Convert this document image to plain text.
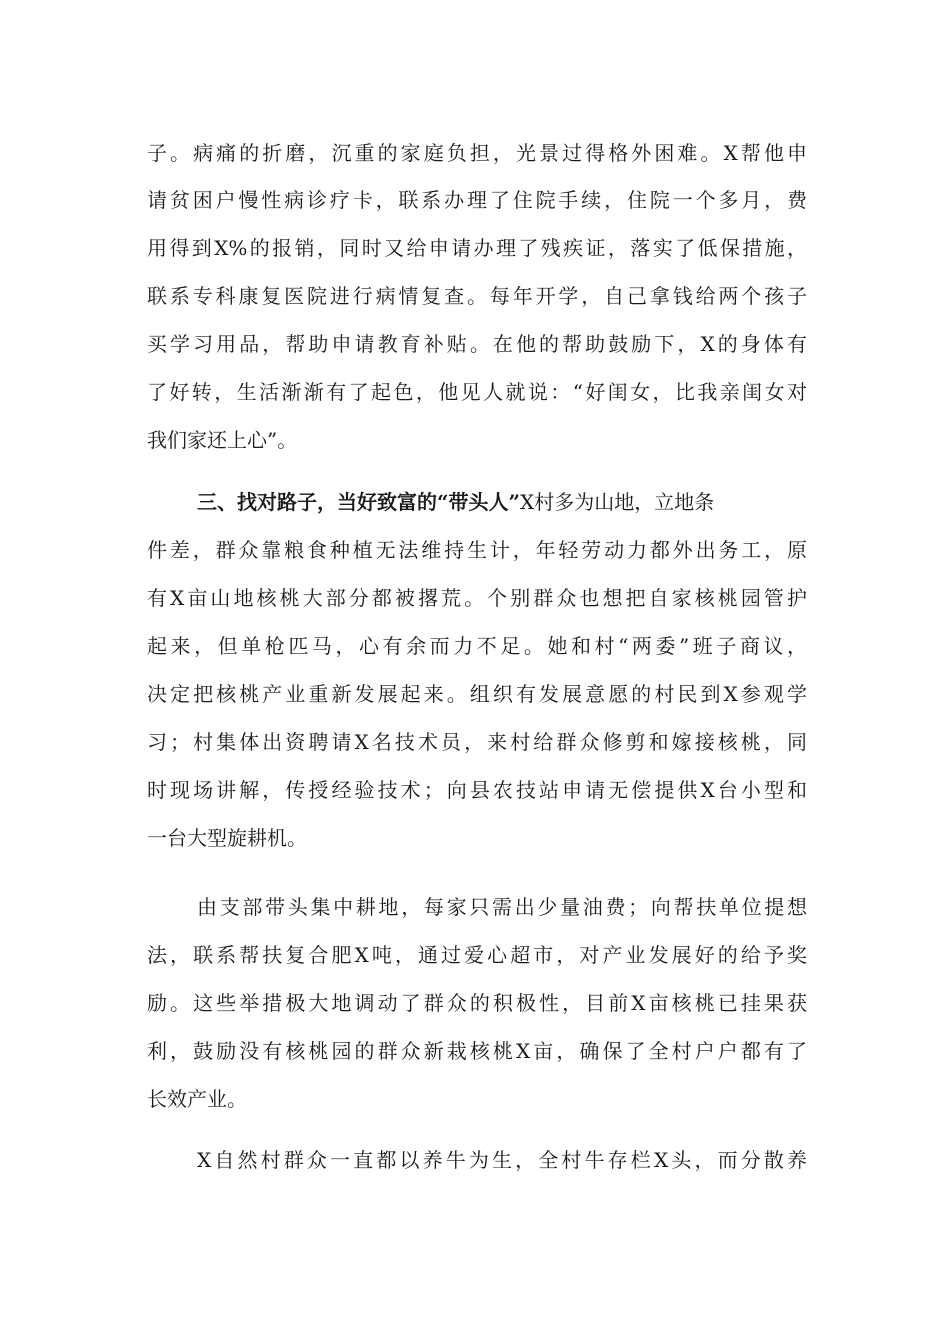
子。病痛的折磨，沉重的家庭负担，光景过得格外困难。X帮他申
请贫困户慢性病诊疗卡，联系办理了住院手续，住院一个多月，费
用得到X%的报销，同时又给申请办理了残疾证，落实了低保措施，
联系专科康复医院进行病情复查。每年开学，自己拿钱给两个孩子
买学习用品，帮助申请教育补贴。在他的帮助鼓励下，X的身体有
了好转，生活渐渐有了起色，他见人就说：“好闺女，比我亲闺女对
我们家还上心”。
三、找对路子，当好致富的“带头人”X村多为山地，立地条
件差，群众靠粮食种植无法维持生计，年轻劳动力都外出务工，原
有X亩山地核桃大部分都被撂荒。个别群众也想把自家核桃园管护
起来，但单枪匹马，心有余而力不足。她和村“两委”班子商议，
决定把核桃产业重新发展起来。组织有发展意愿的村民到X参观学
习；村集体出资聘请X名技术员，来村给群众修剪和嫁接核桃，同
时现场讲解，传授经验技术；向县农技站申请无偿提供X台小型和
一台大型旋耕机。
由支部带头集中耕地，每家只需出少量油费；向帮扶单位提想
法，联系帮扶复合肥X吨，通过爱心超市，对产业发展好的给予奖
励。这些举措极大地调动了群众的积极性，目前X亩核桃已挂果获
利，鼓励没有核桃园的群众新栽核桃X亩，确保了全村户户都有了
长效产业。
X自然村群众一直都以养牛为生，全村牛存栏X头，而分散养
